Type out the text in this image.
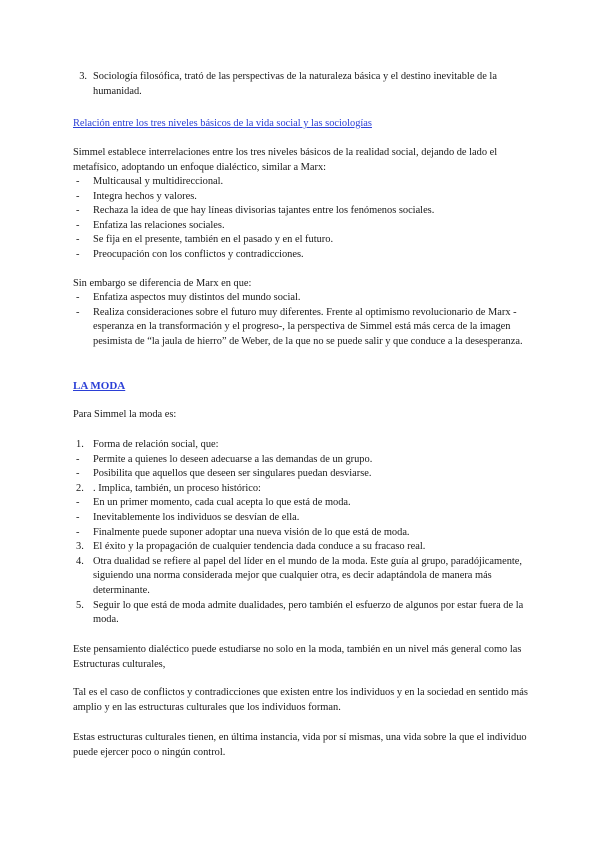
3. Sociología filosófica, trató de las perspectivas de la naturaleza básica y el destino inevitable de la humanidad.
Relación entre los tres niveles básicos de la vida social y las sociologías
Simmel establece interrelaciones entre los tres niveles básicos de la realidad social, dejando de lado el metafísico, adoptando un enfoque dialéctico, similar a Marx:
- Multicausal y multidireccional.
- Integra hechos y valores.
- Rechaza la idea de que hay líneas divisorias tajantes entre los fenómenos sociales.
- Enfatiza las relaciones sociales.
- Se fija en el presente, también en el pasado y en el futuro.
- Preocupación con los conflictos y contradicciones.
Sin embargo se diferencia de Marx en que:
- Enfatiza aspectos muy distintos del mundo social.
- Realiza consideraciones sobre el futuro muy diferentes. Frente al optimismo revolucionario de Marx -esperanza en la transformación y el progreso-, la perspectiva de Simmel está más cerca de la imagen pesimista de “la jaula de hierro” de Weber, de la que no se puede salir y que conduce a la desesperanza.
LA MODA
Para Simmel la moda es:
1. Forma de relación social, que:
- Permite a quienes lo deseen adecuarse a las demandas de un grupo.
- Posibilita que aquellos que deseen ser singulares puedan desviarse.
2. . Implica, también, un proceso histórico:
- En un primer momento, cada cual acepta lo que está de moda.
- Inevitablemente los individuos se desvían de ella.
- Finalmente puede suponer adoptar una nueva visión de lo que está de moda.
3. El éxito y la propagación de cualquier tendencia dada conduce a su fracaso real.
4. Otra dualidad se refiere al papel del líder en el mundo de la moda. Este guía al grupo, paradójicamente, siguiendo una norma considerada mejor que cualquier otra, es decir adaptándola de manera más determinante.
5. Seguir lo que está de moda admite dualidades, pero también el esfuerzo de algunos por estar fuera de la moda.
Este pensamiento dialéctico puede estudiarse no solo en la moda, también en un nivel más general como las Estructuras culturales,
Tal es el caso de conflictos y contradicciones que existen entre los individuos y en la sociedad en sentido más amplio y en las estructuras culturales que los individuos forman.
Estas estructuras culturales tienen, en última instancia, vida por sí mismas, una vida sobre la que el individuo puede ejercer poco o ningún control.
